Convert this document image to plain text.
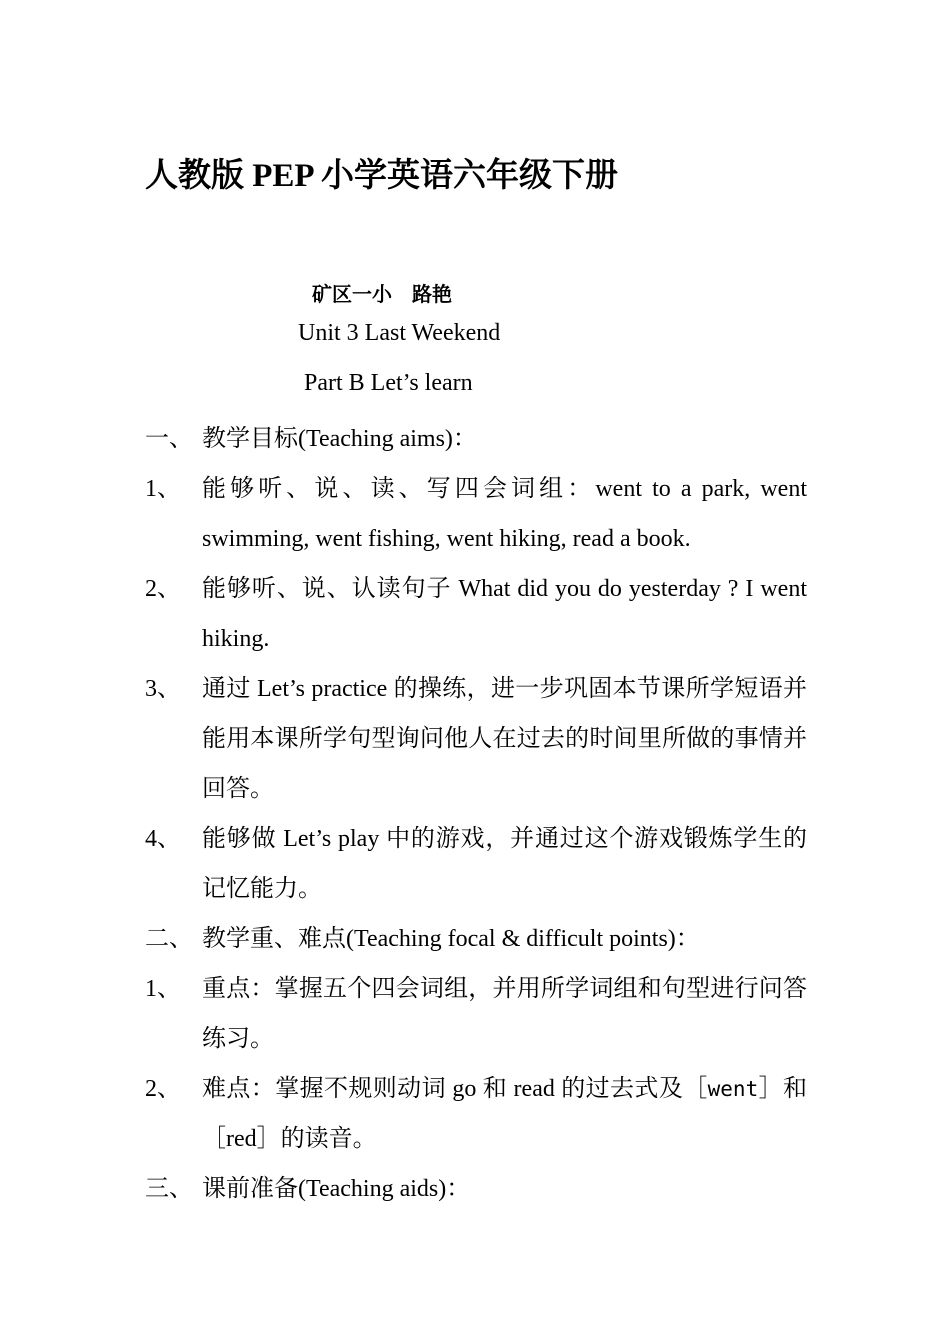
人教版 PEP 小学英语六年级下册
矿区一小    路艳
Unit 3 Last Weekend
Part B Let’s learn
一、 教学目标(Teaching aims)：
1、 能够听、说、读、写四会词组：went to a park, went swimming, went fishing, went hiking, read a book.
2、 能够听、说、认读句子 What did you do yesterday ? I went hiking.
3、 通过 Let’s practice 的操练，进一步巩固本节课所学短语并能用本课所学句型询问他人在过去的时间里所做的事情并回答。
4、 能够做 Let’s play 中的游戏，并通过这个游戏锻炼学生的记忆能力。
二、 教学重、难点(Teaching focal & difficult points)：
1、 重点：掌握五个四会词组，并用所学词组和句型进行问答练习。
2、 难点：掌握不规则动词 go 和 read 的过去式及［went］和［red］的读音。
三、 课前准备(Teaching aids)：
